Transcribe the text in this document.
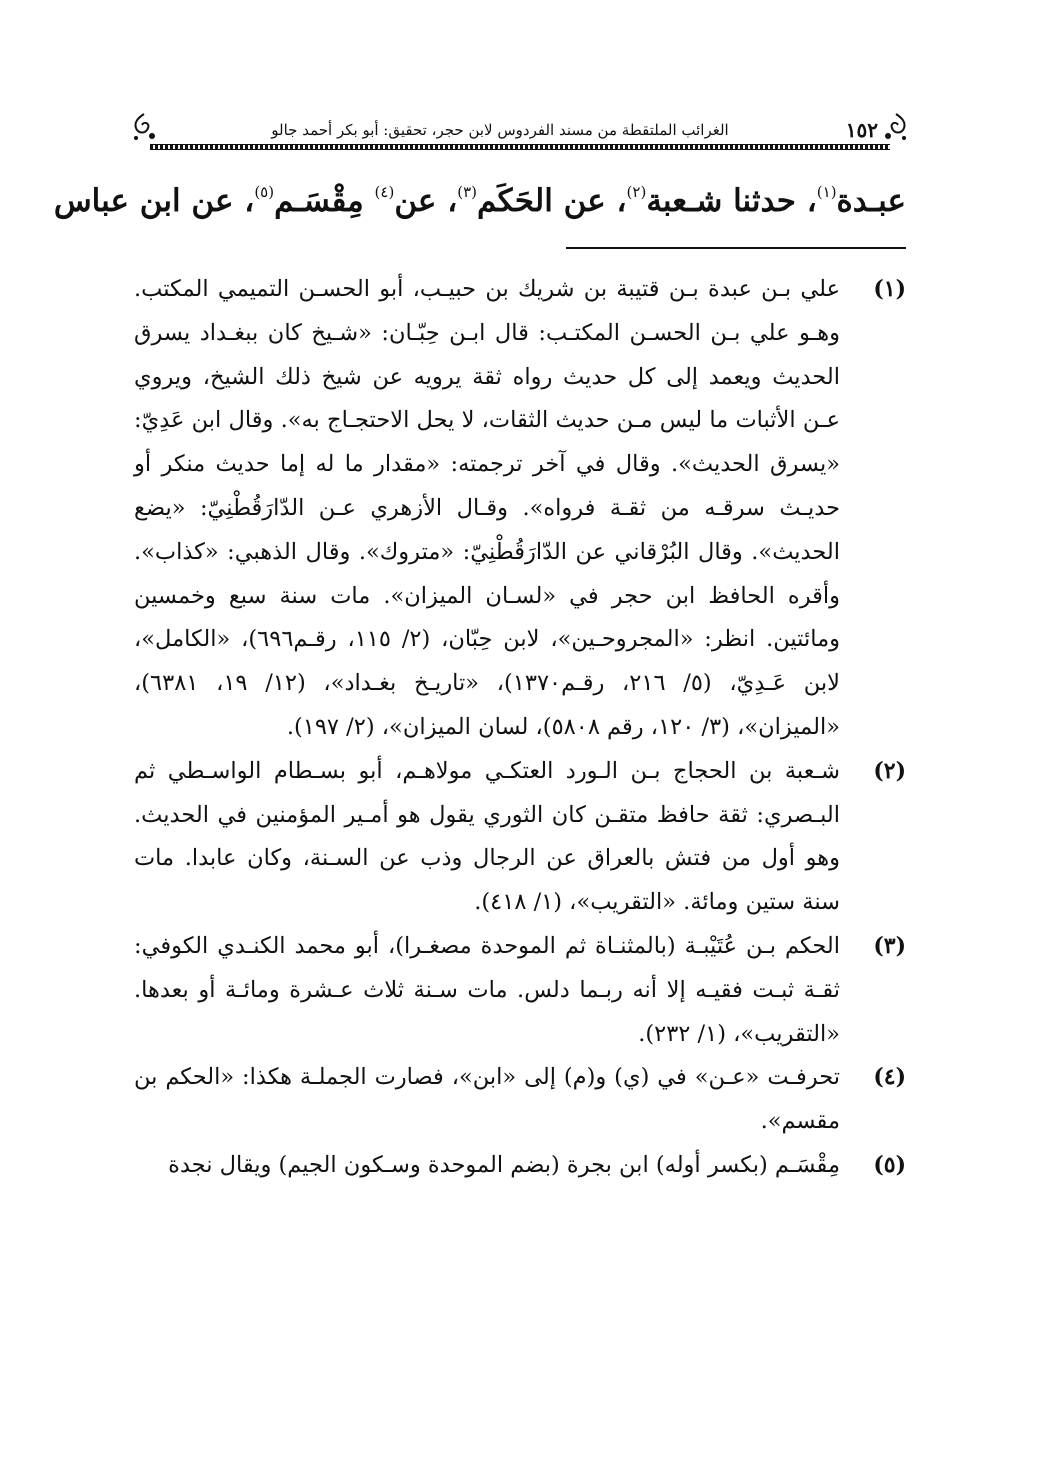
١٥٢
الغرائب الملتقطة من مسند الفردوس لابن حجر، تحقيق: أبو بكر أحمد جالو
عبـدة$^{(١)}$، حدثنا شـعبة$^{(٢)}$، عن الحَكَم$^{(٣)}$، عن$^{(٤)}$ مِقْسَـم$^{(٥)}$، عن ابن عباس
(١)
علي بـن عبدة بـن قتيبة بن شريك بن حبيـب، أبو الحسـن التميمي المكتب. وهـو علي بـن الحسـن المكتـب: قال ابـن حِبّـان: «شـيخ كان ببغـداد يسرق الحديث ويعمد إلى كل حديث رواه ثقة يرويه عن شيخ ذلك الشيخ، ويروي عـن الأثبات ما ليس مـن حديث الثقات، لا يحل الاحتجـاج به». وقال ابن عَدِيّ: «يسرق الحديث». وقال في آخر ترجمته: «مقدار ما له إما حديث منكر أو حديـث سرقـه من ثقـة فرواه». وقـال الأزهري عـن الدّارَقُطْنِيّ: «يضع الحديث». وقال البُرْقاني عن الدّارَقُطْنِيّ: «متروك». وقال الذهبي: «كذاب». وأقره الحافظ ابن حجر في «لسـان الميزان». مات سنة سبع وخمسين ومائتين. انظر: «المجروحـين»، لابن حِبّان، (٢/ ١١٥، رقـم٦٩٦)، «الكامل»، لابن عَـدِيّ، (٥/ ٢١٦، رقـم١٣٧٠)، «تاريـخ بغـداد»، (١٢/ ١٩، ٦٣٨١)، «الميزان»، (٣/ ١٢٠، رقم ٥٨٠٨)، لسان الميزان»، (٢/ ١٩٧).
(٢)
شـعبة بن الحجاج بـن الـورد العتكـي مولاهـم، أبو بسـطام الواسـطي ثم البـصري: ثقة حافظ متقـن كان الثوري يقول هو أمـير المؤمنين في الحديث. وهو أول من فتش بالعراق عن الرجال وذب عن السـنة، وكان عابدا. مات سنة ستين ومائة. «التقريب»، (١/ ٤١٨).
(٣)
الحكم بـن عُتَيْبـة (بالمثنـاة ثم الموحدة مصغـرا)، أبو محمد الكنـدي الكوفي: ثقـة ثبـت فقيـه إلا أنه ربـما دلس. مات سـنة ثلاث عـشرة ومائـة أو بعدها. «التقريب»، (١/ ٢٣٢).
(٤)
تحرفـت «عـن» في (ي) و(م) إلى «ابن»، فصارت الجملـة هكذا: «الحكم بن مقسم».
(٥)
مِقْسَـم (بكسر أوله) ابن بجرة (بضم الموحدة وسـكون الجيم) ويقال نجدة
